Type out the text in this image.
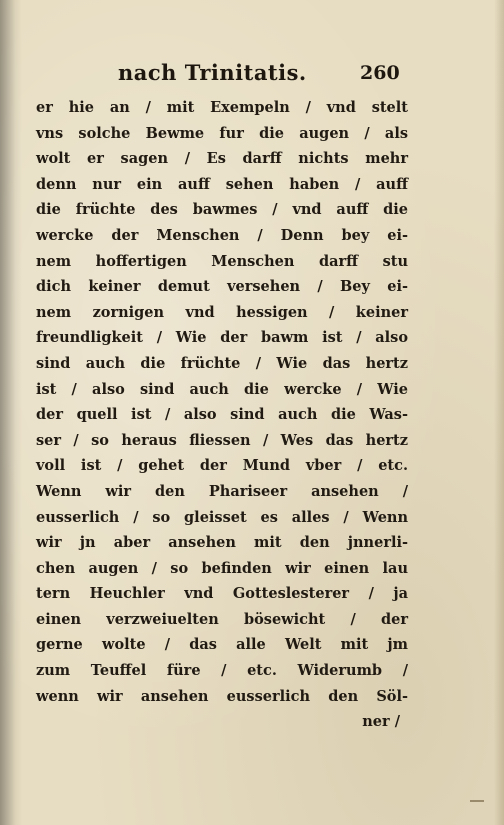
nach Trinitatis.	260
er hie an / mit Exempeln / vnd stelt
vns solche Bewme fur die augen / als
wolt er sagen / Es darff nichts mehr
denn nur ein auff sehen haben / auff
die früchte des bawmes / vnd auff die
wercke der Menschen / Denn bey ei-
nem hoffertigen Menschen darff stu
dich keiner demut versehen / Bey ei-
nem zornigen vnd hessigen / keiner
freundligkeit / Wie der bawm ist / also
sind auch die früchte / Wie das hertz
ist / also sind auch die wercke / Wie
der quell ist / also sind auch die Was-
ser / so heraus fliessen / Wes das hertz
voll ist / gehet der Mund vber / etc.
Wenn wir den Phariseer ansehen /
eusserlich / so gleisset es alles / Wenn
wir jn aber ansehen mit den jnnerli-
chen augen / so befinden wir einen lau
tern Heuchler vnd Gotteslesterer / ja
einen verzweiuelten bösewicht / der
gerne wolte / das alle Welt mit jm
zum Teuffel füre / etc. Widerumb /
wenn wir ansehen eusserlich den Söl-
ner /
